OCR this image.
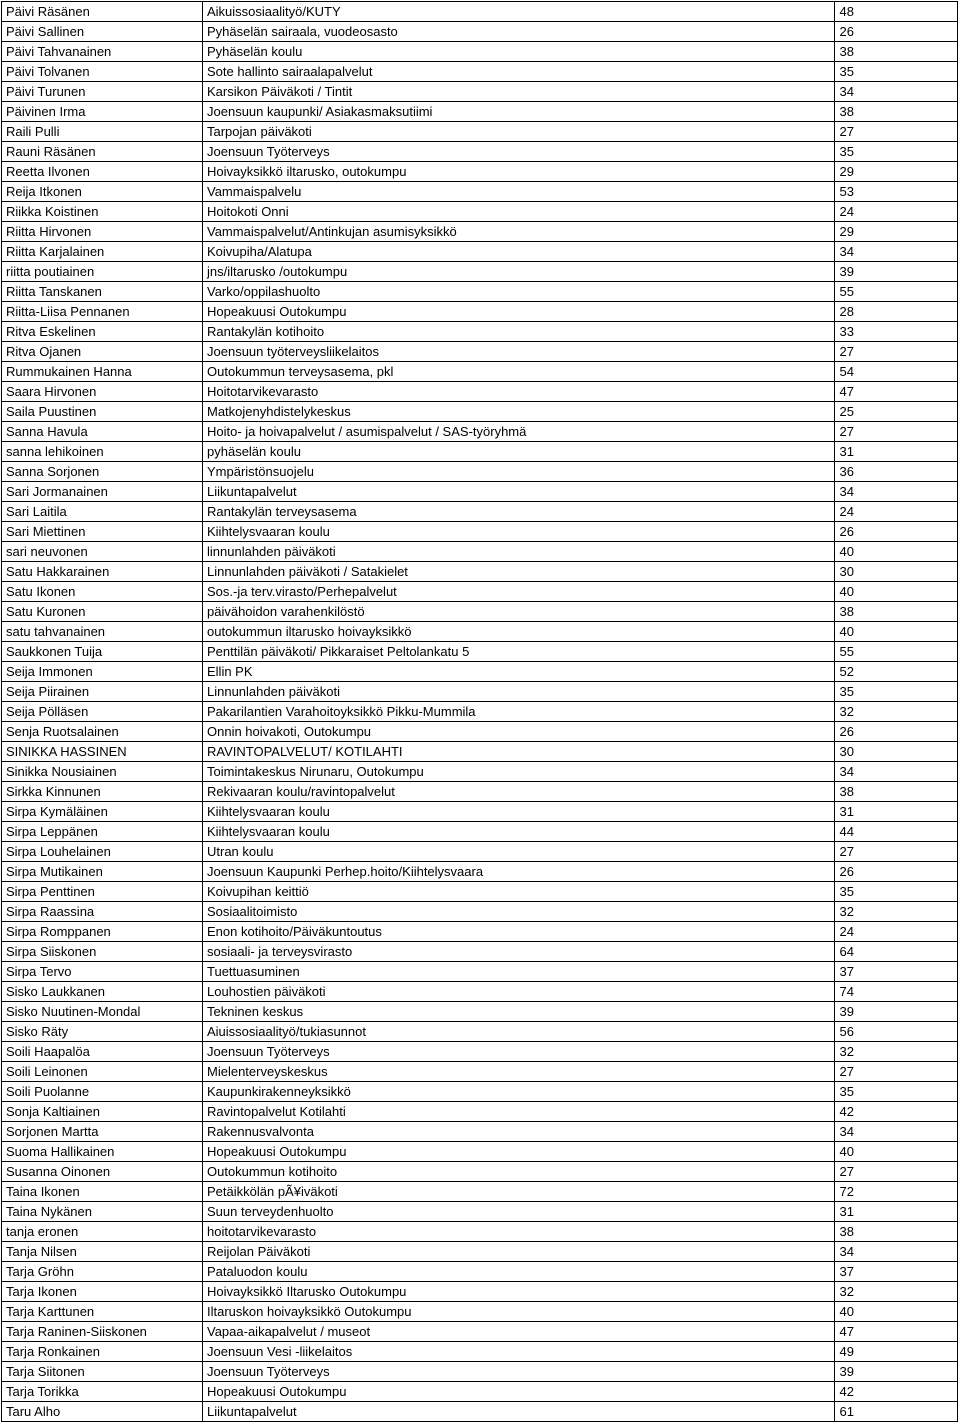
Päivi Räsänen	Aikuissosiaalityö/KUTY	48
Päivi Sallinen	Pyhäselän sairaala, vuodeosasto	26
Päivi Tahvanainen	Pyhäselän koulu	38
Päivi Tolvanen	Sote hallinto sairaalapalvelut	35
Päivi Turunen	Karsikon Päiväkoti / Tintit	34
Päivinen Irma	Joensuun kaupunki/ Asiakasmaksutiimi	38
Raili Pulli	Tarpojan päiväkoti	27
Rauni Räsänen	Joensuun Työterveys	35
Reetta Ilvonen	Hoivayksikkö iltarusko, outokumpu	29
Reija Itkonen	Vammaispalvelu	53
Riikka Koistinen	Hoitokoti Onni	24
Riitta Hirvonen	Vammaispalvelut/Antinkujan asumisyksikkö	29
Riitta Karjalainen	Koivupiha/Alatupa	34
riitta poutiainen	jns/iltarusko /outokumpu	39
Riitta Tanskanen	Varko/oppilashuolto	55
Riitta-Liisa Pennanen	Hopeakuusi Outokumpu	28
Ritva Eskelinen	Rantakylän kotihoito	33
Ritva Ojanen	Joensuun työterveysliikelaitos	27
Rummukainen Hanna	Outokummun terveysasema, pkl	54
Saara Hirvonen	Hoitotarvikevarasto	47
Saila Puustinen	Matkojenyhdistelykeskus	25
Sanna Havula	Hoito- ja hoivapalvelut / asumispalvelut / SAS-työryhmä	27
sanna lehikoinen	pyhäselän koulu	31
Sanna Sorjonen	Ympäristönsuojelu	36
Sari Jormanainen	Liikuntapalvelut	34
Sari Laitila	Rantakylän terveysasema	24
Sari Miettinen	Kiihtelysvaaran koulu	26
sari neuvonen	linnunlahden päiväkoti	40
Satu Hakkarainen	Linnunlahden päiväkoti / Satakielet	30
Satu Ikonen	Sos.-ja terv.virasto/Perhepalvelut	40
Satu Kuronen	päivähoidon varahenkilöstö	38
satu tahvanainen	outokummun iltarusko hoivayksikkö	40
Saukkonen Tuija	Penttilän päiväkoti/ Pikkaraiset Peltolankatu 5	55
Seija Immonen	Ellin PK	52
Seija Piirainen	Linnunlahden päiväkoti	35
Seija Pölläsen	Pakarilantien Varahoitoyksikkö Pikku-Mummila	32
Senja Ruotsalainen	Onnin hoivakoti, Outokumpu	26
SINIKKA HASSINEN	RAVINTOPALVELUT/ KOTILAHTI	30
Sinikka Nousiainen	Toimintakeskus Nirunaru, Outokumpu	34
Sirkka Kinnunen	Rekivaaran koulu/ravintopalvelut	38
Sirpa Kymäläinen	Kiihtelysvaaran koulu	31
Sirpa Leppänen	Kiihtelysvaaran koulu	44
Sirpa Louhelainen	Utran koulu	27
Sirpa Mutikainen	Joensuun Kaupunki Perhep.hoito/Kiihtelysvaara	26
Sirpa Penttinen	Koivupihan keittiö	35
Sirpa Raassina	Sosiaalitoimisto	32
Sirpa Romppanen	Enon kotihoito/Päiväkuntoutus	24
Sirpa Siiskonen	sosiaali- ja terveysvirasto	64
Sirpa Tervo	Tuettuasuminen	37
Sisko Laukkanen	Louhostien päiväkoti	74
Sisko Nuutinen-Mondal	Tekninen keskus	39
Sisko Räty	Aiuissosiaalityö/tukiasunnot	56
Soili Haapalöa	Joensuun Työterveys	32
Soili Leinonen	Mielenterveyskeskus	27
Soili Puolanne	Kaupunkirakenneyksikkö	35
Sonja Kaltiainen	Ravintopalvelut Kotilahti	42
Sorjonen Martta	Rakennusvalvonta	34
Suoma Hallikainen	Hopeakuusi Outokumpu	40
Susanna Oinonen	Outokummun kotihoito	27
Taina Ikonen	Petäikkölän pÃ¥iväkoti	72
Taina Nykänen	Suun terveydenhuolto	31
tanja eronen	hoitotarvikevarasto	38
Tanja Nilsen	Reijolan Päiväkoti	34
Tarja Gröhn	Pataluodon koulu	37
Tarja Ikonen	Hoivayksikkö Iltarusko Outokumpu	32
Tarja Karttunen	Iltaruskon hoivayksikkö Outokumpu	40
Tarja Raninen-Siiskonen	Vapaa-aikapalvelut / museot	47
Tarja Ronkainen	Joensuun Vesi -liikelaitos	49
Tarja Siitonen	Joensuun Työterveys	39
Tarja Torikka	Hopeakuusi Outokumpu	42
Taru Alho	Liikuntapalvelut	61
